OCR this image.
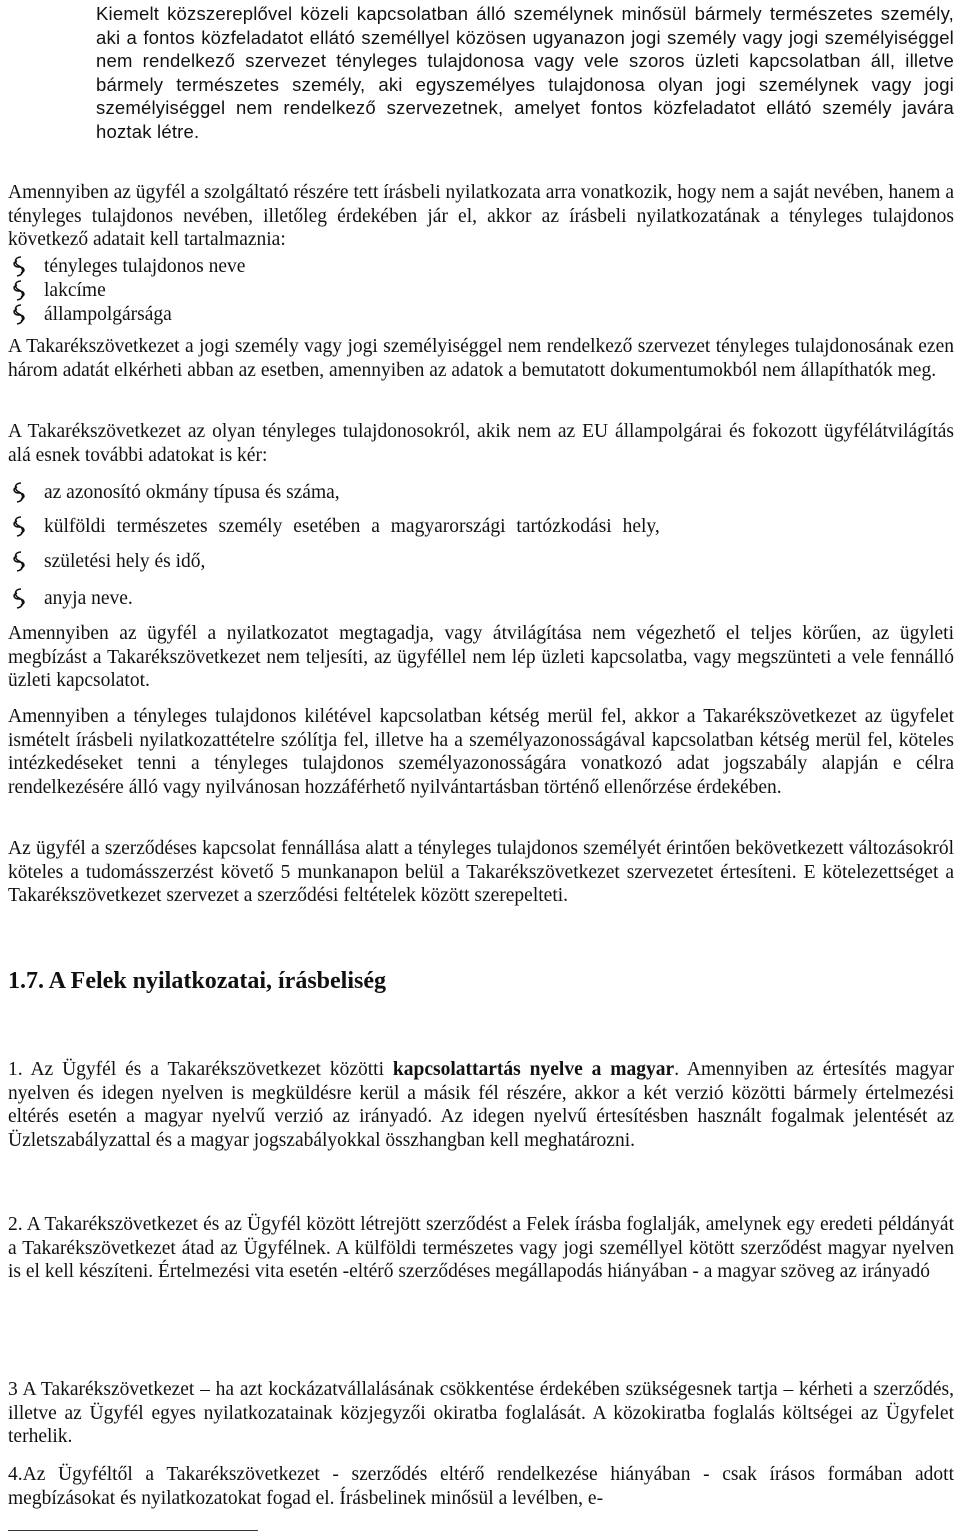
Kiemelt közszereplővel közeli kapcsolatban álló személynek minősül bármely természetes személy, aki a fontos közfeladatot ellátó személlyel közösen ugyanazon jogi személy vagy jogi személyiséggel nem rendelkező szervezet tényleges tulajdonosa vagy vele szoros üzleti kapcsolatban áll, illetve bármely természetes személy, aki egyszemélyes tulajdonosa olyan jogi személynek vagy jogi személyiséggel nem rendelkező szervezetnek, amelyet fontos közfeladatot ellátó személy javára hoztak létre.

Amennyiben az ügyfél a szolgáltató részére tett írásbeli nyilatkozata arra vonatkozik, hogy nem a saját nevében, hanem a tényleges tulajdonos nevében, illetőleg érdekében jár el, akkor az írásbeli nyilatkozatának a tényleges tulajdonos következő adatait kell tartalmaznia:

tényleges tulajdonos neve
lakcíme
állampolgársága

A Takarékszövetkezet a jogi személy vagy jogi személyiséggel nem rendelkező szervezet tényleges tulajdonosának ezen három adatát elkérheti abban az esetben, amennyiben az adatok a bemutatott dokumentumokból nem állapíthatók meg.

A Takarékszövetkezet az olyan tényleges tulajdonosokról, akik nem az EU állampolgárai és fokozott ügyfélátvilágítás alá esnek további adatokat is kér:

az azonosító okmány típusa és száma,
külföldi természetes személy esetében a magyarországi tartózkodási hely,
születési hely és idő,
anyja neve.

Amennyiben az ügyfél a nyilatkozatot megtagadja, vagy átvilágítása nem végezhető el teljes körűen, az ügyleti megbízást a Takarékszövetkezet nem teljesíti, az ügyféllel nem lép üzleti kapcsolatba, vagy megszünteti a vele fennálló üzleti kapcsolatot.

Amennyiben a tényleges tulajdonos kilétével kapcsolatban kétség merül fel, akkor a Takarékszövetkezet az ügyfelet ismételt írásbeli nyilatkozattételre szólítja fel, illetve ha a személyazonosságával kapcsolatban kétség merül fel, köteles intézkedéseket tenni a tényleges tulajdonos személyazonosságára vonatkozó adat jogszabály alapján e célra rendelkezésére álló vagy nyilvánosan hozzáférhető nyilvántartásban történő ellenőrzése érdekében.

Az ügyfél a szerződéses kapcsolat fennállása alatt a tényleges tulajdonos személyét érintően bekövetkezett változásokról köteles a tudomásszerzést követő 5 munkanapon belül a Takarékszövetkezet szervezetet értesíteni. E kötelezettséget a Takarékszövetkezet szervezet a szerződési feltételek között szerepelteti.

1.7. A Felek nyilatkozatai, írásbeliség

1. Az Ügyfél és a Takarékszövetkezet közötti kapcsolattartás nyelve a magyar. Amennyiben az értesítés magyar nyelven és idegen nyelven is megküldésre kerül a másik fél részére, akkor a két verzió közötti bármely értelmezési eltérés esetén a magyar nyelvű verzió az irányadó. Az idegen nyelvű értesítésben használt fogalmak jelentését az Üzletszabályzattal és a magyar jogszabályokkal összhangban kell meghatározni.

2. A Takarékszövetkezet és az Ügyfél között létrejött szerződést a Felek írásba foglalják, amelynek egy eredeti példányát a Takarékszövetkezet átad az Ügyfélnek. A külföldi természetes vagy jogi személlyel kötött szerződést magyar nyelven is el kell készíteni. Értelmezési vita esetén -eltérő szerződéses megállapodás hiányában - a magyar szöveg az irányadó

3 A Takarékszövetkezet – ha azt kockázatvállalásának csökkentése érdekében szükségesnek tartja – kérheti a szerződés, illetve az Ügyfél egyes nyilatkozatainak közjegyzői okiratba foglalását. A közokiratba foglalás költségei az Ügyfelet terhelik.

4.Az Ügyféltől a Takarékszövetkezet - szerződés eltérő rendelkezése hiányában - csak írásos formában adott megbízásokat és nyilatkozatokat fogad el. Írásbelinek minősül a levélben, e-
